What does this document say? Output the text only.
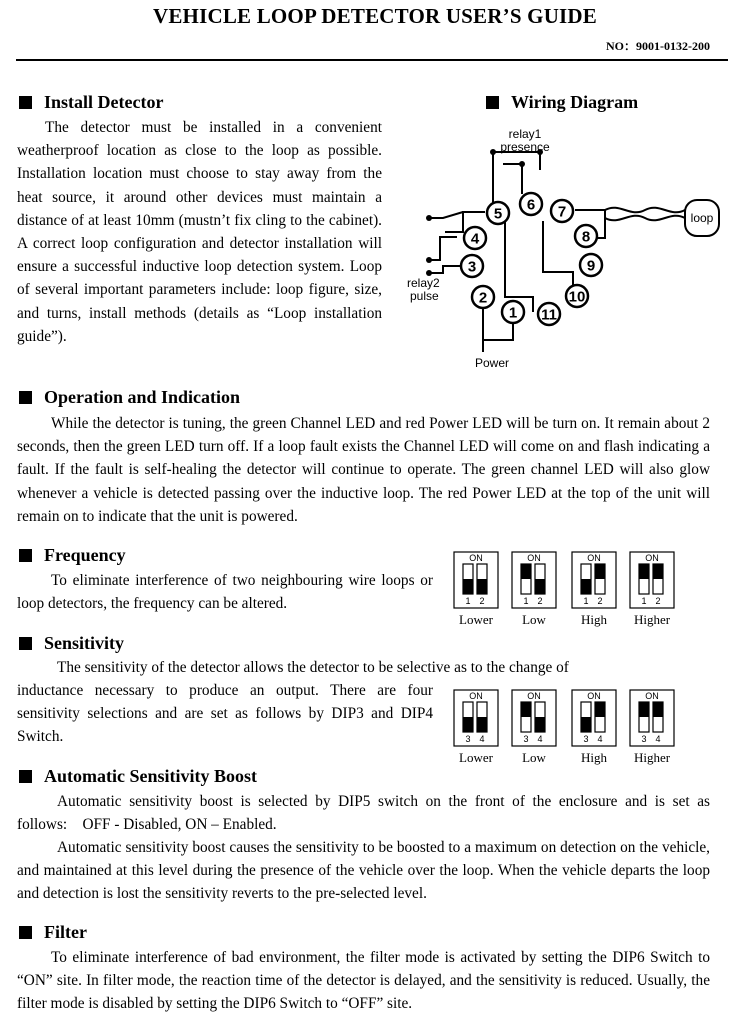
VEHICLE LOOP DETECTOR USER’S GUIDE
NO：9001-0132-200
Install Detector
The detector must be installed in a convenient weatherproof location as close to the loop as possible. Installation location must choose to stay away from the heat source, it around other devices must maintain a distance of at least 10mm (mustn’t fix cling to the cabinet). A correct loop configuration and detector installation will ensure a successful inductive loop detection system. Loop of several important parameters include: loop figure, size, and turns, install methods (details as “Loop installation guide”).
Wiring Diagram
loop
relay1
presence
relay2
pulse
Power
1
2
3
4
5
6 7
8
9
10
11
Operation and Indication
While the detector is tuning, the green Channel LED and red Power LED will be turn on. It remain about 2 seconds, then the green LED turn off. If a loop fault exists the Channel LED will come on and flash indicating a fault. If the fault is self-healing the detector will continue to operate. The green channel LED will also glow whenever a vehicle is detected passing over the inductive loop. The red Power LED at the top of the unit will remain on to indicate that the unit is powered.
Frequency
To eliminate interference of two neighbouring wire loops or loop detectors, the frequency can be altered.
ON
1 2
Lower
ON
1 2
Low
ON
1 2
High
ON
1 2
Higher
Sensitivity
The sensitivity of the detector allows the detector to be selective as to the change of
inductance necessary to produce an output. There are four sensitivity selections and are set as follows by DIP3 and DIP4 Switch.
ON
3 4
Lower
ON
3 4
Low
ON
3 4
High
ON
3 4
Higher
Automatic Sensitivity Boost
Automatic sensitivity boost is selected by DIP5 switch on the front of the enclosure and is set as follows: OFF - Disabled, ON – Enabled.
Automatic sensitivity boost causes the sensitivity to be boosted to a maximum on detection on the vehicle, and maintained at this level during the presence of the vehicle over the loop. When the vehicle departs the loop and detection is lost the sensitivity reverts to the pre-selected level.
Filter
To eliminate interference of bad environment, the filter mode is activated by setting the DIP6 Switch to “ON” site. In filter mode, the reaction time of the detector is delayed, and the sensitivity is reduced. Usually, the filter mode is disabled by setting the DIP6 Switch to “OFF” site.
